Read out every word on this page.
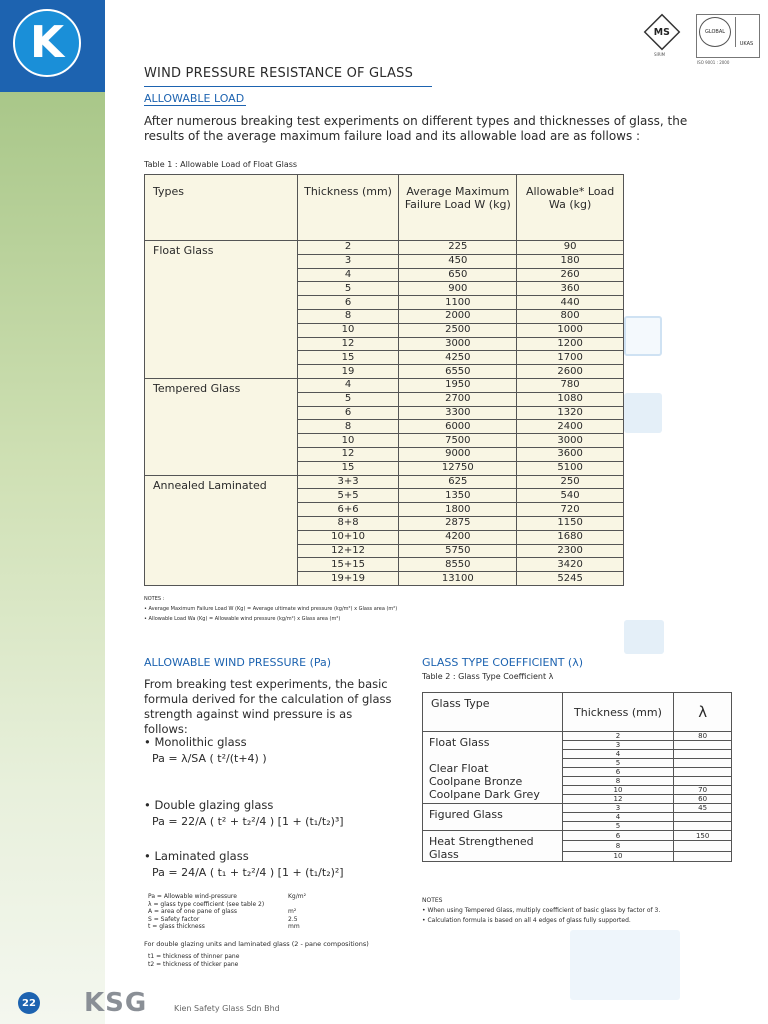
K	MS
SIRIM
GLOBAL
UKAS
ISO 9001 : 2000
WIND PRESSURE RESISTANCE OF GLASS
ALLOWABLE LOAD
After numerous breaking test experiments on different types and thicknesses of glass, the results of the average maximum failure load and its allowable load are as follows :
Table 1 : Allowable Load of Float Glass
Types	Thickness (mm)	Average Maximum Failure Load W (kg)	Allowable* Load Wa (kg)
Float Glass	2	225	90
	3	450	180
	4	650	260
	5	900	360
	6	1100	440
	8	2000	800
	10	2500	1000
	12	3000	1200
	15	4250	1700
	19	6550	2600
Tempered Glass	4	1950	780
	5	2700	1080
	6	3300	1320
	8	6000	2400
	10	7500	3000
	12	9000	3600
	15	12750	5100
Annealed Laminated	3+3	625	250
	5+5	1350	540
	6+6	1800	720
	8+8	2875	1150
	10+10	4200	1680
	12+12	5750	2300
	15+15	8550	3420
	19+19	13100	5245
NOTES :
• Average Maximum Failure Load W (Kg) = Average ultimate wind pressure (kg/m²) x Glass area (m²)
• Allowable Load Wa (Kg) = Allowable wind pressure (kg/m²) x Glass area (m²)
ALLOWABLE WIND PRESSURE (Pa)
From breaking test experiments, the basic formula derived for the calculation of glass strength against wind pressure is as follows:
• Monolithic glass
Pa = λ/SA ( t²/(t+4) )
• Double glazing glass
Pa = 22/A ( t² + t₂²/4 ) [1 + (t₁/t₂)³]
• Laminated glass
Pa = 24/A ( t₁ + t₂²/4 ) [1 + (t₁/t₂)²]
Pa = Allowable wind-pressure	Kg/m²
λ = glass type coefficient (see table 2)
A = area of one pane of glass	m²
S = Safety factor	2.5
t = glass thickness	mm
For double glazing units and laminated glass (2 - pane compositions)
t1 = thickness of thinner pane
t2 = thickness of thicker pane
GLASS TYPE COEFFICIENT (λ)
Table 2 : Glass Type Coefficient λ
Glass Type	Thickness (mm)	λ
Float Glass

Clear Float
Coolpane Bronze
Coolpane Dark Grey	2	80
	3	
	4	
	5	
	6	
	8	
	10	70
	12	60
Figured Glass	3	45
	4	
	5	
Heat Strengthened Glass	6	150
	8	
	10	
NOTES
• When using Tempered Glass, multiply coefficient of basic glass by factor of 3.
• Calculation formula is based on all 4 edges of glass fully supported.
22 KSG	Kien Safety Glass Sdn Bhd
